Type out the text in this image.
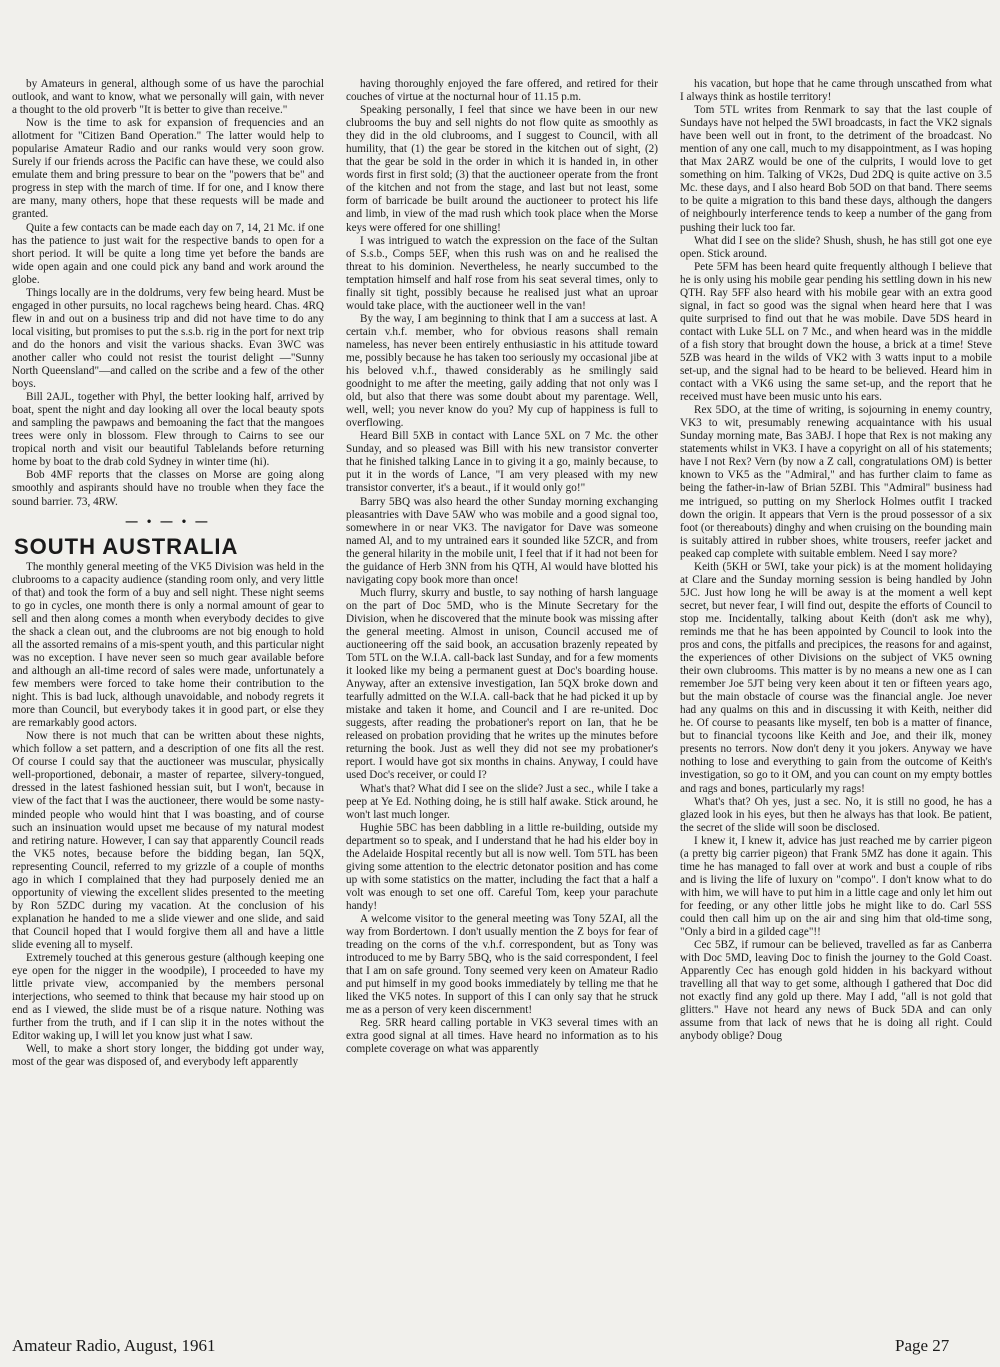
by Amateurs in general, although some of us have the parochial outlook, and want to know, what we personally will gain, with never a thought to the old proverb "It is better to give than receive."

Now is the time to ask for expansion of frequencies and an allotment for "Citizen Band Operation." The latter would help to popularise Amateur Radio and our ranks would very soon grow. Surely if our friends across the Pacific can have these, we could also emulate them and bring pressure to bear on the "powers that be" and progress in step with the march of time. If for one, and I know there are many, many others, hope that these requests will be made and granted.

Quite a few contacts can be made each day on 7, 14, 21 Mc. if one has the patience to just wait for the respective bands to open for a short period. It will be quite a long time yet before the bands are wide open again and one could pick any band and work around the globe.

Things locally are in the doldrums, very few being heard. Must be engaged in other pursuits, no local ragchews being heard. Chas. 4RQ flew in and out on a business trip and did not have time to do any local visiting, but promises to put the s.s.b. rig in the port for next trip and do the honors and visit the various shacks. Evan 3WC was another caller who could not resist the tourist delight —"Sunny North Queensland"—and called on the scribe and a few of the other boys.

Bill 2AJL, together with Phyl, the better looking half, arrived by boat, spent the night and day looking all over the local beauty spots and sampling the pawpaws and bemoaning the fact that the mangoes trees were only in blossom. Flew through to Cairns to see our tropical north and visit our beautiful Tablelands before returning home by boat to the drab cold Sydney in winter time (hi).

Bob 4MF reports that the classes on Morse are going along smoothly and aspirants should have no trouble when they face the sound barrier. 73, 4RW.

— • — • —
SOUTH AUSTRALIA

The monthly general meeting of the VK5 Division was held in the clubrooms to a capacity audience (standing room only, and very little of that) and took the form of a buy and sell night. These night seems to go in cycles, one month there is only a normal amount of gear to sell and then along comes a month when everybody decides to give the shack a clean out, and the clubrooms are not big enough to hold all the assorted remains of a mis-spent youth, and this particular night was no exception. I have never seen so much gear available before and although an all-time record of sales were made, unfortunately a few members were forced to take home their contribution to the night. This is bad luck, although unavoidable, and nobody regrets it more than Council, but everybody takes it in good part, or else they are remarkably good actors.

Now there is not much that can be written about these nights, which follow a set pattern, and a description of one fits all the rest. Of course I could say that the auctioneer was muscular, physically well-proportioned, debonair, a master of repartee, silvery-tongued, dressed in the latest fashioned hessian suit, but I won't, because in view of the fact that I was the auctioneer, there would be some nasty-minded people who would hint that I was boasting, and of course such an insinuation would upset me because of my natural modest and retiring nature. However, I can say that apparently Council reads the VK5 notes, because before the bidding began, Ian 5QX, representing Council, referred to my grizzle of a couple of months ago in which I complained that they had purposely denied me an opportunity of viewing the excellent slides presented to the meeting by Ron 5ZDC during my vacation. At the conclusion of his explanation he handed to me a slide viewer and one slide, and said that Council hoped that I would forgive them all and have a little slide evening all to myself.

Extremely touched at this generous gesture (although keeping one eye open for the nigger in the woodpile), I proceeded to have my little private view, accompanied by the members personal interjections, who seemed to think that because my hair stood up on end as I viewed, the slide must be of a risque nature. Nothing was further from the truth, and if I can slip it in the notes without the Editor waking up, I will let you know just what I saw.

Well, to make a short story longer, the bidding got under way, most of the gear was disposed of, and everybody left apparently

having thoroughly enjoyed the fare offered, and retired for their couches of virtue at the nocturnal hour of 11.15 p.m.

Speaking personally, I feel that since we have been in our new clubrooms the buy and sell nights do not flow quite as smoothly as they did in the old clubrooms, and I suggest to Council, with all humility, that (1) the gear be stored in the kitchen out of sight, (2) that the gear be sold in the order in which it is handed in, in other words first in first sold; (3) that the auctioneer operate from the front of the kitchen and not from the stage, and last but not least, some form of barricade be built around the auctioneer to protect his life and limb, in view of the mad rush which took place when the Morse keys were offered for one shilling!

I was intrigued to watch the expression on the face of the Sultan of S.s.b., Comps 5EF, when this rush was on and he realised the threat to his dominion. Nevertheless, he nearly succumbed to the temptation himself and half rose from his seat several times, only to finally sit tight, possibly because he realised just what an uproar would take place, with the auctioneer well in the van!

By the way, I am beginning to think that I am a success at last. A certain v.h.f. member, who for obvious reasons shall remain nameless, has never been entirely enthusiastic in his attitude toward me, possibly because he has taken too seriously my occasional jibe at his beloved v.h.f., thawed considerably as he smilingly said goodnight to me after the meeting, gaily adding that not only was I old, but also that there was some doubt about my parentage. Well, well, well; you never know do you? My cup of happiness is full to overflowing.

Heard Bill 5XB in contact with Lance 5XL on 7 Mc. the other Sunday, and so pleased was Bill with his new transistor converter that he finished talking Lance in to giving it a go, mainly because, to put it in the words of Lance, "I am very pleased with my new transistor converter, it's a beaut., if it would only go!"

Barry 5BQ was also heard the other Sunday morning exchanging pleasantries with Dave 5AW who was mobile and a good signal too, somewhere in or near VK3. The navigator for Dave was someone named Al, and to my untrained ears it sounded like 5ZCR, and from the general hilarity in the mobile unit, I feel that if it had not been for the guidance of Herb 3NN from his QTH, Al would have blotted his navigating copy book more than once!

Much flurry, skurry and bustle, to say nothing of harsh language on the part of Doc 5MD, who is the Minute Secretary for the Division, when he discovered that the minute book was missing after the general meeting. Almost in unison, Council accused me of auctioneering off the said book, an accusation brazenly repeated by Tom 5TL on the W.I.A. call-back last Sunday, and for a few moments it looked like my being a permanent guest at Doc's boarding house. Anyway, after an extensive investigation, Ian 5QX broke down and tearfully admitted on the W.I.A. call-back that he had picked it up by mistake and taken it home, and Council and I are re-united. Doc suggests, after reading the probationer's report on Ian, that he be released on probation providing that he writes up the minutes before returning the book. Just as well they did not see my probationer's report. I would have got six months in chains. Anyway, I could have used Doc's receiver, or could I?

What's that? What did I see on the slide? Just a sec., while I take a peep at Ye Ed. Nothing doing, he is still half awake. Stick around, he won't last much longer.

Hughie 5BC has been dabbling in a little re-building, outside my department so to speak, and I understand that he had his elder boy in the Adelaide Hospital recently but all is now well. Tom 5TL has been giving some attention to the electric detonator position and has come up with some statistics on the matter, including the fact that a half a volt was enough to set one off. Careful Tom, keep your parachute handy!

A welcome visitor to the general meeting was Tony 5ZAI, all the way from Bordertown. I don't usually mention the Z boys for fear of treading on the corns of the v.h.f. correspondent, but as Tony was introduced to me by Barry 5BQ, who is the said correspondent, I feel that I am on safe ground. Tony seemed very keen on Amateur Radio and put himself in my good books immediately by telling me that he liked the VK5 notes. In support of this I can only say that he struck me as a person of very keen discernment!

Reg. 5RR heard calling portable in VK3 several times with an extra good signal at all times. Have heard no information as to his complete coverage on what was apparently

his vacation, but hope that he came through unscathed from what I always think as hostile territory!

Tom 5TL writes from Renmark to say that the last couple of Sundays have not helped the 5WI broadcasts, in fact the VK2 signals have been well out in front, to the detriment of the broadcast. No mention of any one call, much to my disappointment, as I was hoping that Max 2ARZ would be one of the culprits, I would love to get something on him. Talking of VK2s, Dud 2DQ is quite active on 3.5 Mc. these days, and I also heard Bob 5OD on that band. There seems to be quite a migration to this band these days, although the dangers of neighbourly interference tends to keep a number of the gang from pushing their luck too far.

What did I see on the slide? Shush, shush, he has still got one eye open. Stick around.

Pete 5FM has been heard quite frequently although I believe that he is only using his mobile gear pending his settling down in his new QTH. Ray 5FF also heard with his mobile gear with an extra good signal, in fact so good was the signal when heard here that I was quite surprised to find out that he was mobile. Dave 5DS heard in contact with Luke 5LL on 7 Mc., and when heard was in the middle of a fish story that brought down the house, a brick at a time! Steve 5ZB was heard in the wilds of VK2 with 3 watts input to a mobile set-up, and the signal had to be heard to be believed. Heard him in contact with a VK6 using the same set-up, and the report that he received must have been music unto his ears.

Rex 5DO, at the time of writing, is sojourning in enemy country, VK3 to wit, presumably renewing acquaintance with his usual Sunday morning mate, Bas 3ABJ. I hope that Rex is not making any statements whilst in VK3. I have a copyright on all of his statements; have I not Rex? Vern (by now a Z call, congratulations OM) is better known to VK5 as the "Admiral," and has further claim to fame as being the father-in-law of Brian 5ZBI. This "Admiral" business had me intrigued, so putting on my Sherlock Holmes outfit I tracked down the origin. It appears that Vern is the proud possessor of a six foot (or thereabouts) dinghy and when cruising on the bounding main is suitably attired in rubber shoes, white trousers, reefer jacket and peaked cap complete with suitable emblem. Need I say more?

Keith (5KH or 5WI, take your pick) is at the moment holidaying at Clare and the Sunday morning session is being handled by John 5JC. Just how long he will be away is at the moment a well kept secret, but never fear, I will find out, despite the efforts of Council to stop me. Incidentally, talking about Keith (don't ask me why), reminds me that he has been appointed by Council to look into the pros and cons, the pitfalls and precipices, the reasons for and against, the experiences of other Divisions on the subject of VK5 owning their own clubrooms. This matter is by no means a new one as I can remember Joe 5JT being very keen about it ten or fifteen years ago, but the main obstacle of course was the financial angle. Joe never had any qualms on this and in discussing it with Keith, neither did he. Of course to peasants like myself, ten bob is a matter of finance, but to financial tycoons like Keith and Joe, and their ilk, money presents no terrors. Now don't deny it you jokers. Anyway we have nothing to lose and everything to gain from the outcome of Keith's investigation, so go to it OM, and you can count on my empty bottles and rags and bones, particularly my rags!

What's that? Oh yes, just a sec. No, it is still no good, he has a glazed look in his eyes, but then he always has that look. Be patient, the secret of the slide will soon be disclosed.

I knew it, I knew it, advice has just reached me by carrier pigeon (a pretty big carrier pigeon) that Frank 5MZ has done it again. This time he has managed to fall over at work and bust a couple of ribs and is living the life of luxury on "compo". I don't know what to do with him, we will have to put him in a little cage and only let him out for feeding, or any other little jobs he might like to do. Carl 5SS could then call him up on the air and sing him that old-time song, "Only a bird in a gilded cage"!!

Cec 5BZ, if rumour can be believed, travelled as far as Canberra with Doc 5MD, leaving Doc to finish the journey to the Gold Coast. Apparently Cec has enough gold hidden in his backyard without travelling all that way to get some, although I gathered that Doc did not exactly find any gold up there. May I add, "all is not gold that glitters." Have not heard any news of Buck 5DA and can only assume from that lack of news that he is doing all right. Could anybody oblige? Doug

Amateur Radio, August, 1961	Page 27
